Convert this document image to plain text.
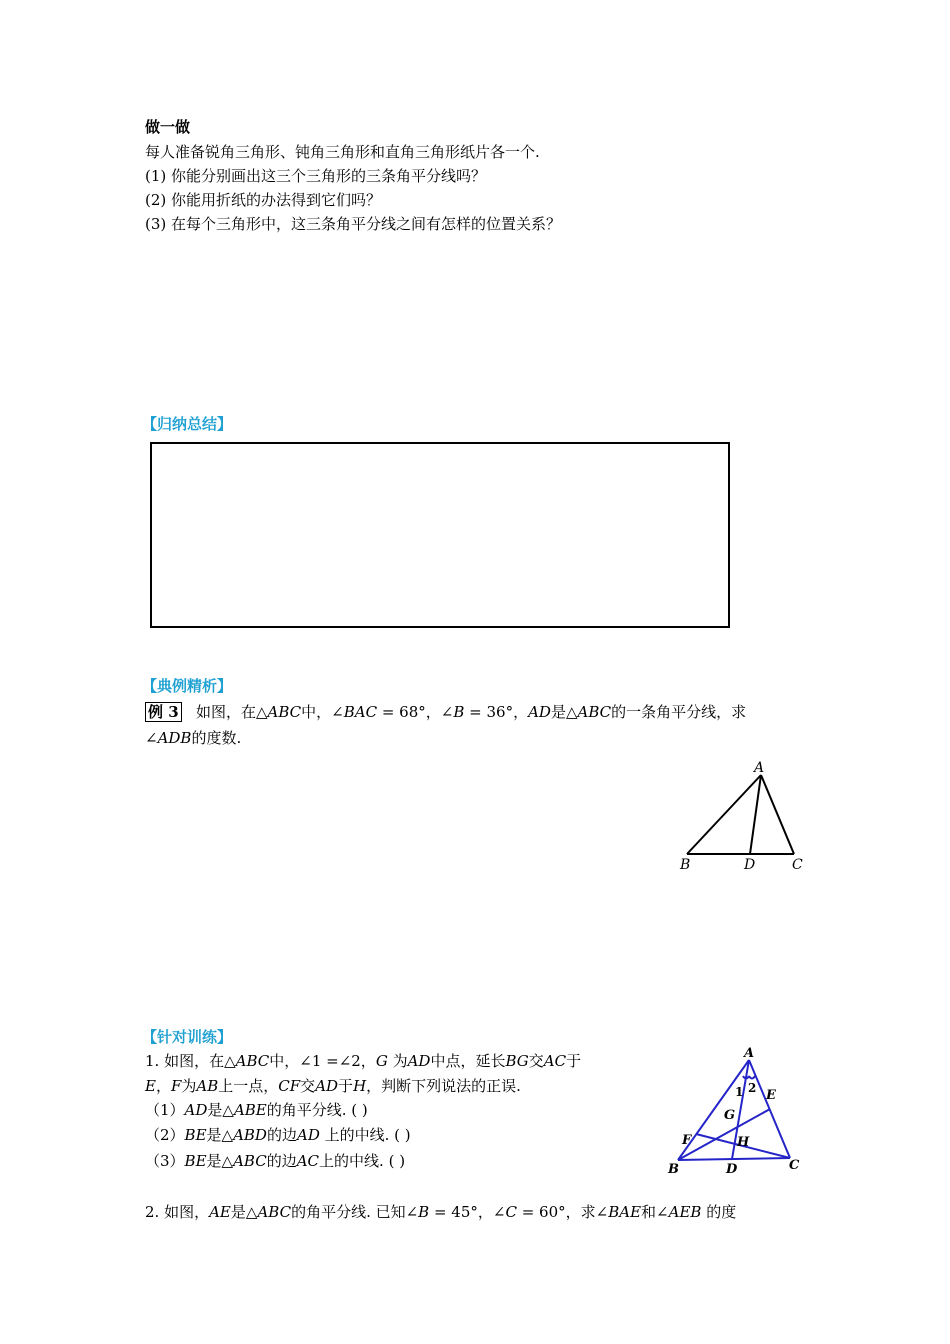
做一做
每人准备锐角三角形、钝角三角形和直角三角形纸片各一个.
(1) 你能分别画出这三个三角形的三条角平分线吗？
(2) 你能用折纸的办法得到它们吗？
(3) 在每个三角形中，这三条角平分线之间有怎样的位置关系？
【归纳总结】
【典例精析】
例 3 如图，在△ABC中，∠BAC = 68°，∠B = 36°，AD是△ABC的一条角平分线，求
∠ADB的度数.
A
B	D	C
【针对训练】
1. 如图，在△ABC中，∠1 =∠2，G 为AD中点，延长BG交AC于
E，F为AB上一点，CF交AD于H，判断下列说法的正误.
（1）AD是△ABE的角平分线. ( )
（2）BE是△ABD的边AD 上的中线. ( )
（3）BE是△ABC的边AC上的中线. ( )
A
E
G
F	H
B	D	C
1 2
2. 如图，AE是△ABC的角平分线. 已知∠B = 45°，∠C = 60°，求∠BAE和∠AEB 的度
